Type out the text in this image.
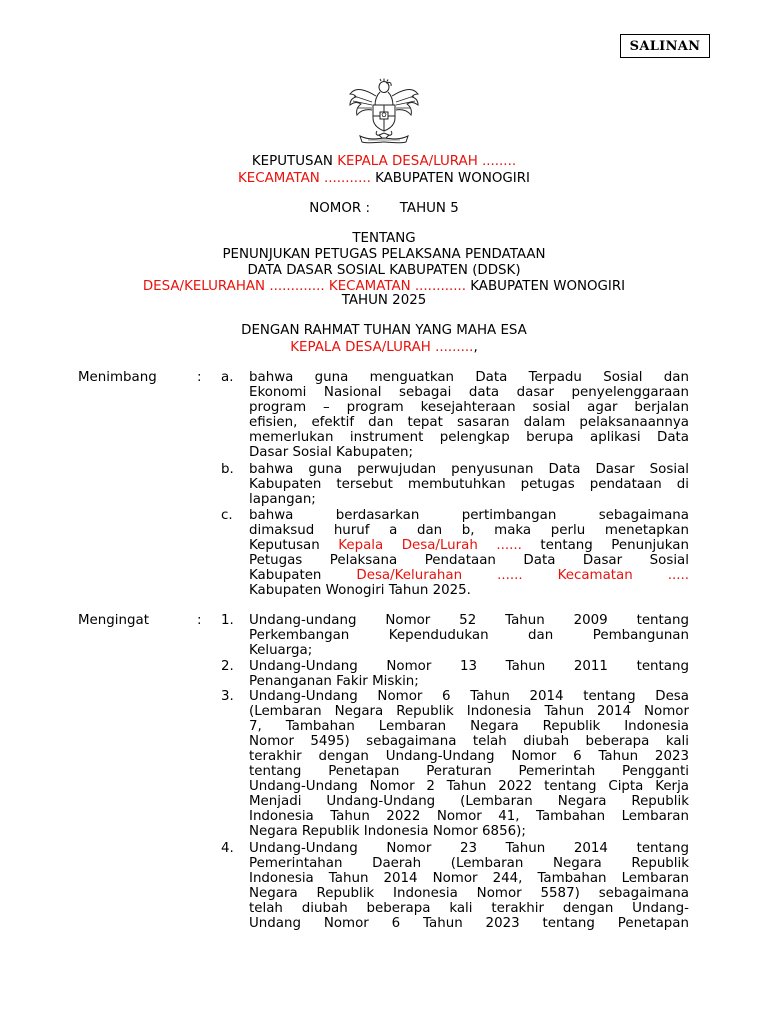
SALINAN
KEPUTUSAN KEPALA DESA/LURAH ........
KECAMATAN ........... KABUPATEN WONOGIRI
NOMOR :       TAHUN 5
TENTANG
PENUNJUKAN PETUGAS PELAKSANA PENDATAAN
DATA DASAR SOSIAL KABUPATEN (DDSK)
DESA/KELURAHAN ............. KECAMATAN ............ KABUPATEN WONOGIRI
TAHUN 2025
DENGAN RAHMAT TUHAN YANG MAHA ESA
KEPALA DESA/LURAH .........,
Menimbang	: a. bahwa guna menguatkan Data Terpadu Sosial dan
Ekonomi Nasional sebagai data dasar penyelenggaraan
program – program kesejahteraan sosial agar berjalan
efisien, efektif dan tepat sasaran dalam pelaksanaannya
memerlukan instrument pelengkap berupa aplikasi Data
Dasar Sosial Kabupaten;
b. bahwa guna perwujudan penyusunan Data Dasar Sosial
Kabupaten tersebut membutuhkan petugas pendataan di
lapangan;
c. bahwa berdasarkan pertimbangan sebagaimana
dimaksud huruf a dan b, maka perlu menetapkan
Keputusan Kepala Desa/Lurah ...... tentang Penunjukan
Petugas Pelaksana Pendataan Data Dasar Sosial
Kabupaten Desa/Kelurahan ...... Kecamatan .....
Kabupaten Wonogiri Tahun 2025.
Mengingat	: 1. Undang-undang Nomor 52 Tahun 2009 tentang
Perkembangan Kependudukan dan Pembangunan
Keluarga;
2. Undang-Undang Nomor 13 Tahun 2011 tentang
Penanganan Fakir Miskin;
3. Undang-Undang Nomor 6 Tahun 2014 tentang Desa
(Lembaran Negara Republik Indonesia Tahun 2014 Nomor
7, Tambahan Lembaran Negara Republik Indonesia
Nomor 5495) sebagaimana telah diubah beberapa kali
terakhir dengan Undang-Undang Nomor 6 Tahun 2023
tentang Penetapan Peraturan Pemerintah Pengganti
Undang-Undang Nomor 2 Tahun 2022 tentang Cipta Kerja
Menjadi Undang-Undang (Lembaran Negara Republik
Indonesia Tahun 2022 Nomor 41, Tambahan Lembaran
Negara Republik Indonesia Nomor 6856);
4. Undang-Undang Nomor 23 Tahun 2014 tentang
Pemerintahan Daerah (Lembaran Negara Republik
Indonesia Tahun 2014 Nomor 244, Tambahan Lembaran
Negara Republik Indonesia Nomor 5587) sebagaimana
telah diubah beberapa kali terakhir dengan Undang-
Undang Nomor 6 Tahun 2023 tentang Penetapan
